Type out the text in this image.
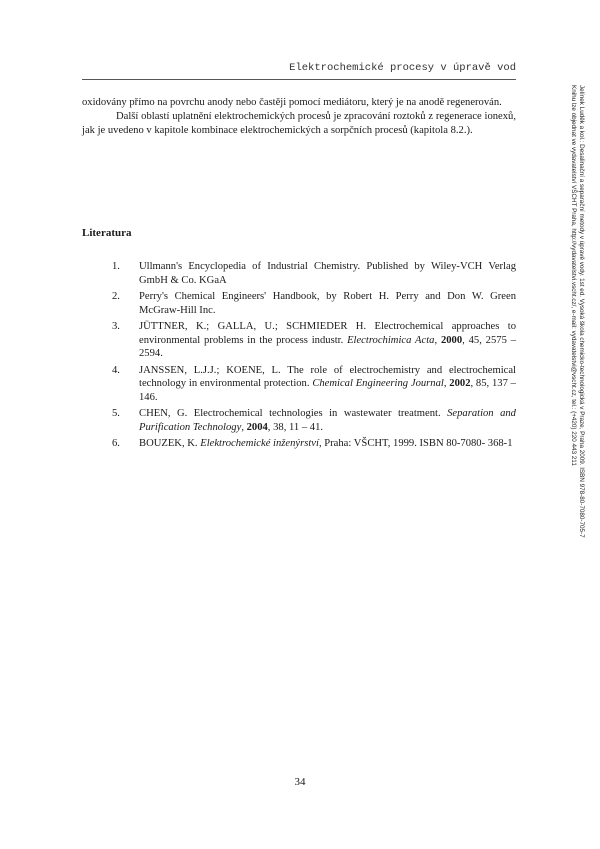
Elektrochemické procesy v úpravě vod

oxidovány přímo na povrchu anody nebo častěji pomocí mediátoru, který je na anodě regenerován.

Další oblastí uplatnění elektrochemických procesů je zpracování roztoků z regenerace ionexů, jak je uvedeno v kapitole kombinace elektrochemických a sorpčních procesů (kapitola 8.2.).

Literatura
1. Ullmann's Encyclopedia of Industrial Chemistry. Published by Wiley-VCH Verlag GmbH & Co. KGaA
2. Perry's Chemical Engineers' Handbook, by Robert H. Perry and Don W. Green McGraw-Hill Inc.
3. JÜTTNER, K.; GALLA, U.; SCHMIEDER H. Electrochemical approaches to environmental problems in the process industr. Electrochimica Acta, 2000, 45, 2575 – 2594.
4. JANSSEN, L.J.J.; KOENE, L. The role of electrochemistry and electrochemical technology in environmental protection. Chemical Engineering Journal, 2002, 85, 137 – 146.
5. CHEN, G. Electrochemical technologies in wastewater treatment. Separation and Purification Technology, 2004, 38, 11 – 41.
6. BOUZEK, K. Elektrochemické inženýrství, Praha: VŠCHT, 1999. ISBN 80-7080- 368-1
34
Jelínek Luděk a kol.: Desalinační a separační metody v úpravě vody. 1st ed. Vysoká škola chemicko-technologická v Praze, Praha 2009. ISBN 978-80-7080-705-7
Knihu lze objednat ve vydavatelství VŠCHT Praha, http://vydavatelstvi.vscht.cz/, e-mail: vydavatelstvi@vscht.cz, tel.: (+420) 220 443 211
